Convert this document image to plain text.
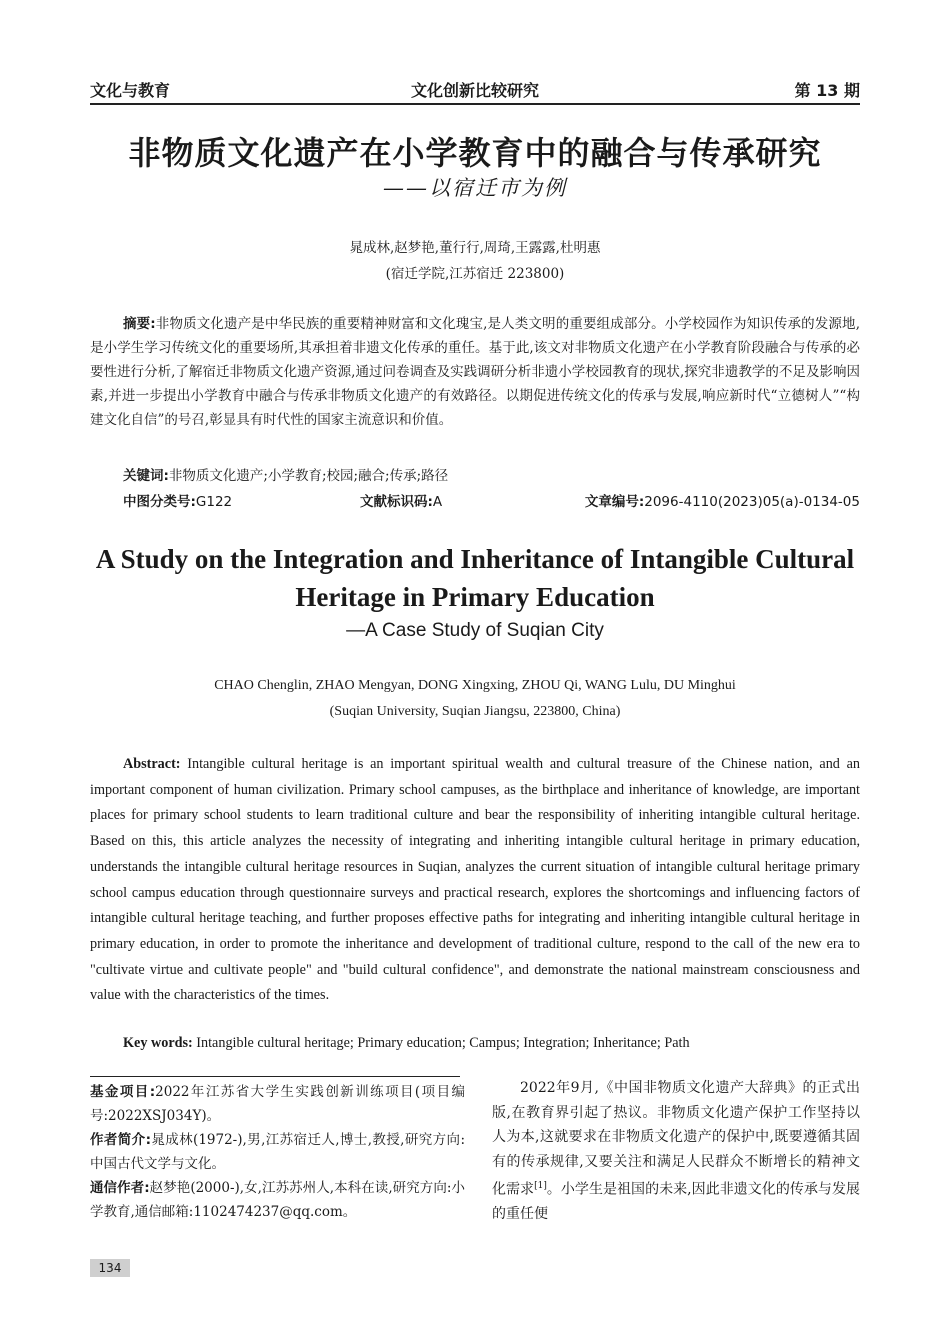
文化与教育	文化创新比较研究	第 13 期
非物质文化遗产在小学教育中的融合与传承研究
——以宿迁市为例
晁成林,赵梦艳,董行行,周琦,王露露,杜明惠
(宿迁学院,江苏宿迁 223800)

摘要:非物质文化遗产是中华民族的重要精神财富和文化瑰宝,是人类文明的重要组成部分。小学校园作为知识传承的发源地,是小学生学习传统文化的重要场所,其承担着非遗文化传承的重任。基于此,该文对非物质文化遗产在小学教育阶段融合与传承的必要性进行分析,了解宿迁非物质文化遗产资源,通过问卷调查及实践调研分析非遗小学校园教育的现状,探究非遗教学的不足及影响因素,并进一步提出小学教育中融合与传承非物质文化遗产的有效路径。以期促进传统文化的传承与发展,响应新时代“立德树人”“构建文化自信”的号召,彰显具有时代性的国家主流意识和价值。

关键词:非物质文化遗产;小学教育;校园;融合;传承;路径
中图分类号:G122	文献标识码:A	文章编号:2096-4110(2023)05(a)-0134-05
A Study on the Integration and Inheritance of Intangible Cultural Heritage in Primary Education
—A Case Study of Suqian City
CHAO Chenglin, ZHAO Mengyan, DONG Xingxing, ZHOU Qi, WANG Lulu, DU Minghui
(Suqian University, Suqian Jiangsu, 223800, China)

Abstract: Intangible cultural heritage is an important spiritual wealth and cultural treasure of the Chinese nation, and an important component of human civilization. Primary school campuses, as the birthplace and inheritance of knowledge, are important places for primary school students to learn traditional culture and bear the responsibility of inheriting intangible cultural heritage. Based on this, this article analyzes the necessity of integrating and inheriting intangible cultural heritage in primary education, understands the intangible cultural heritage resources in Suqian, analyzes the current situation of intangible cultural heritage primary school campus education through questionnaire surveys and practical research, explores the shortcomings and influencing factors of intangible cultural heritage teaching, and further proposes effective paths for integrating and inheriting intangible cultural heritage in primary education, in order to promote the inheritance and development of traditional culture, respond to the call of the new era to "cultivate virtue and cultivate people" and "build cultural confidence", and demonstrate the national mainstream consciousness and value with the characteristics of the times.

Key words: Intangible cultural heritage; Primary education; Campus; Integration; Inheritance; Path

基金项目:2022年江苏省大学生实践创新训练项目(项目编号:2022XSJ034Y)。

作者简介:晁成林(1972-),男,江苏宿迁人,博士,教授,研究方向:中国古代文学与文化。

通信作者:赵梦艳(2000-),女,江苏苏州人,本科在读,研究方向:小学教育,通信邮箱:1102474237@qq.com。

2022年9月,《中国非物质文化遗产大辞典》的正式出版,在教育界引起了热议。非物质文化遗产保护工作坚持以人为本,这就要求在非物质文化遗产的保护中,既要遵循其固有的传承规律,又要关注和满足人民群众不断增长的精神文化需求[1]。小学生是祖国的未来,因此非遗文化的传承与发展的重任便

134
